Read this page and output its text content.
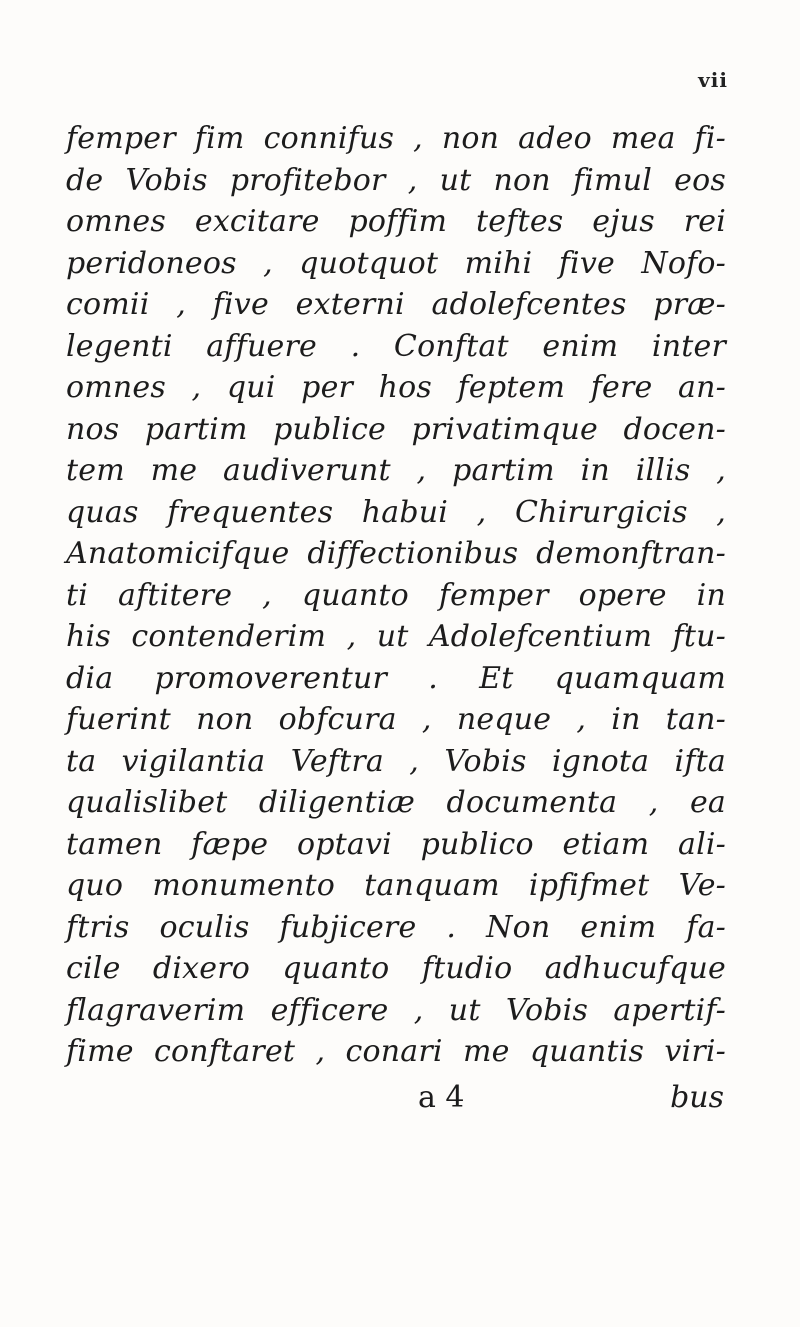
vii
femper fim connifus , non adeo mea fi-
de Vobis profitebor , ut non fimul eos
omnes excitare poffim teftes ejus rei
peridoneos , quotquot mihi five Nofo-
comii , five externi adolefcentes præ-
legenti affuere . Conftat enim inter
omnes , qui per hos feptem fere an-
nos partim publice privatimque docen-
tem me audiverunt , partim in illis ,
quas frequentes habui , Chirurgicis ,
Anatomicifque diffectionibus demonftran-
ti aftitere , quanto femper opere in
his contenderim , ut Adolefcentium ftu-
dia promoverentur . Et quamquam
fuerint non obfcura , neque , in tan-
ta vigilantia Veftra , Vobis ignota ifta
qualislibet diligentiæ documenta , ea
tamen fæpe optavi publico etiam ali-
quo monumento tanquam ipfifmet Ve-
ftris oculis fubjicere . Non enim fa-
cile dixero quanto ftudio adhucufque
flagraverim efficere , ut Vobis apertif-
fime conftaret , conari me quantis viri-
a 4	bus
